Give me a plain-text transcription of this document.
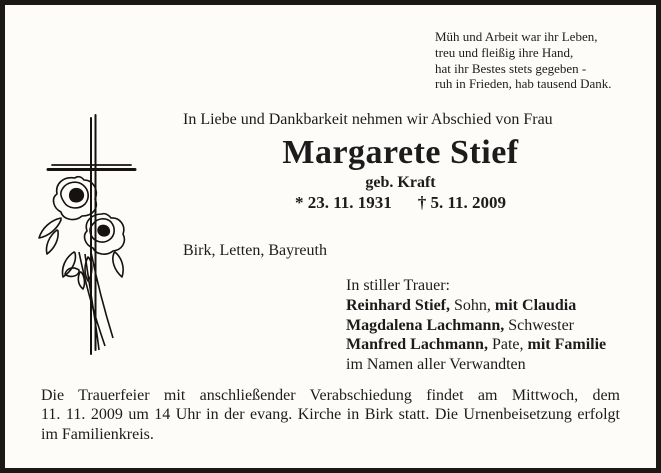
Müh und Arbeit war ihr Leben,
treu und fleißig ihre Hand,
hat ihr Bestes stets gegeben -
ruh in Frieden, hab tausend Dank.
In Liebe und Dankbarkeit nehmen wir Abschied von Frau
Margarete Stief
geb. Kraft
* 23. 11. 1931 † 5. 11. 2009
Birk, Letten, Bayreuth
In stiller Trauer:
Reinhard Stief, Sohn, mit Claudia
Magdalena Lachmann, Schwester
Manfred Lachmann, Pate, mit Familie
im Namen aller Verwandten
Die Trauerfeier mit anschließender Verabschiedung findet am Mittwoch, dem
11. 11. 2009 um 14 Uhr in der evang. Kirche in Birk statt. Die Urnenbeisetzung erfolgt
im Familienkreis.
